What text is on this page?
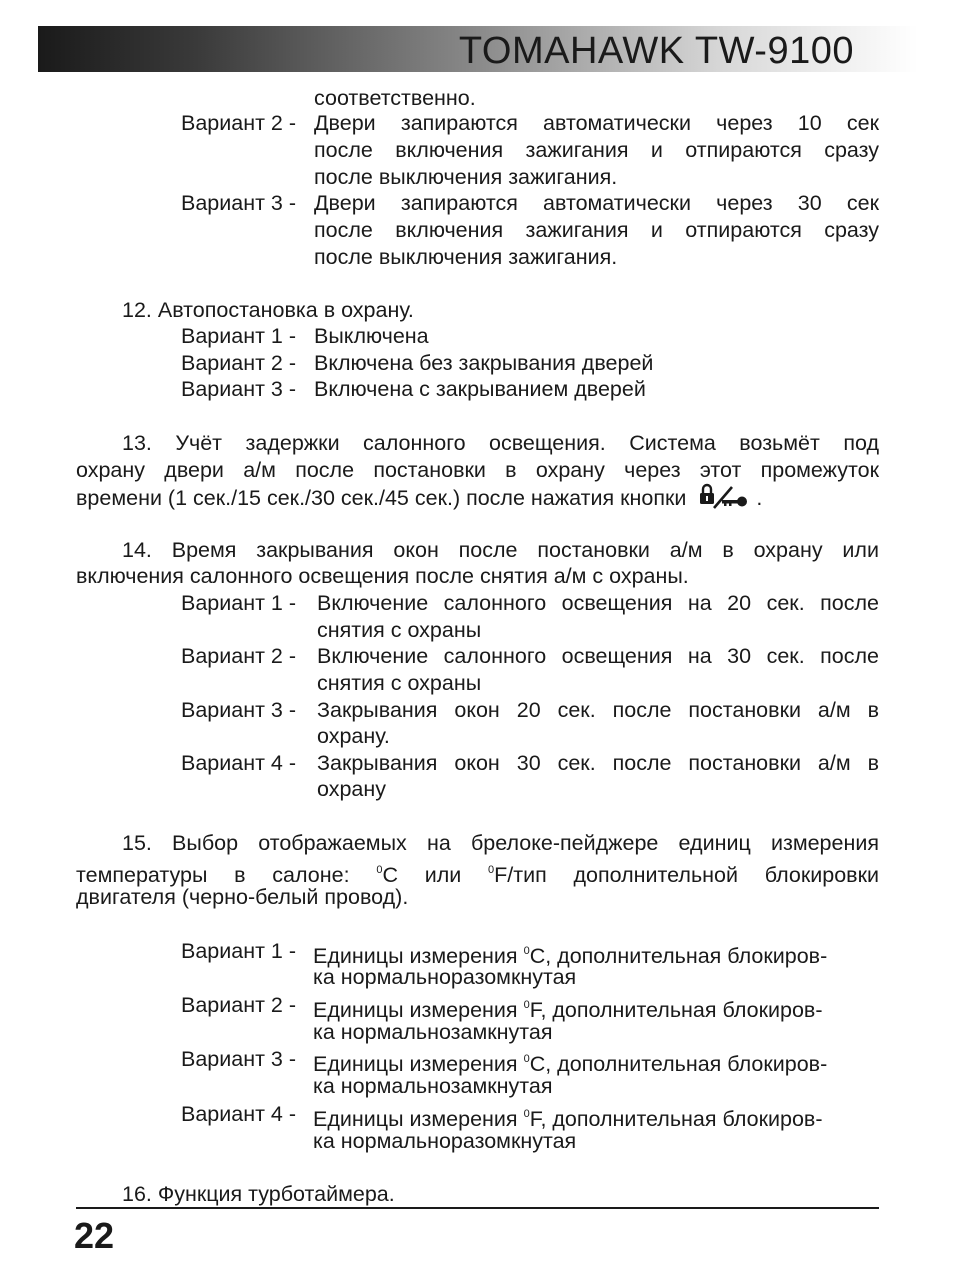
TOMAHAWK TW-9100
соответственно.
Вариант 2 - Двери запираются автоматически через 10 сек
после включения зажигания и отпираются сразу
после выключения зажигания.
Вариант 3 - Двери запираются автоматически через 30 сек
после включения зажигания и отпираются сразу
после выключения зажигания.
12. Автопостановка в охрану.
Вариант 1 - Выключена
Вариант 2 - Включена без закрывания дверей
Вариант 3 - Включена с закрыванием дверей
13. Учёт задержки салонного освещения. Система возьмёт под
охрану двери а/м после постановки в охрану через этот промежуток
времени (1 сек./15 сек./30 сек./45 сек.) после нажатия кнопки	.
14. Время закрывания окон после постановки а/м в охрану или
включения салонного освещения после снятия а/м с охраны.
Вариант 1 - Включение салонного освещения на 20 сек. после
снятия с охраны
Вариант 2 - Включение салонного освещения на 30 сек. после
снятия с охраны
Вариант 3 - Закрывания окон 20 сек. после постановки а/м в
охрану.
Вариант 4 - Закрывания окон 30 сек. после постановки а/м в
охрану
15. Выбор отображаемых на брелоке-пейджере единиц измерения
температуры в салоне: $^0$C или $^0$F/тип дополнительной блокировки
двигателя (черно-белый провод).
Вариант 1 - Единицы измерения $^0$C, дополнительная блокиров-
ка нормальноразомкнутая
Вариант 2 - Единицы измерения $^0$F, дополнительная блокиров-
ка нормальнозамкнутая
Вариант 3 - Единицы измерения $^0$C, дополнительная блокиров-
ка нормальнозамкнутая
Вариант 4 - Единицы измерения $^0$F, дополнительная блокиров-
ка нормальноразомкнутая
16. Функция турботаймера.
22
